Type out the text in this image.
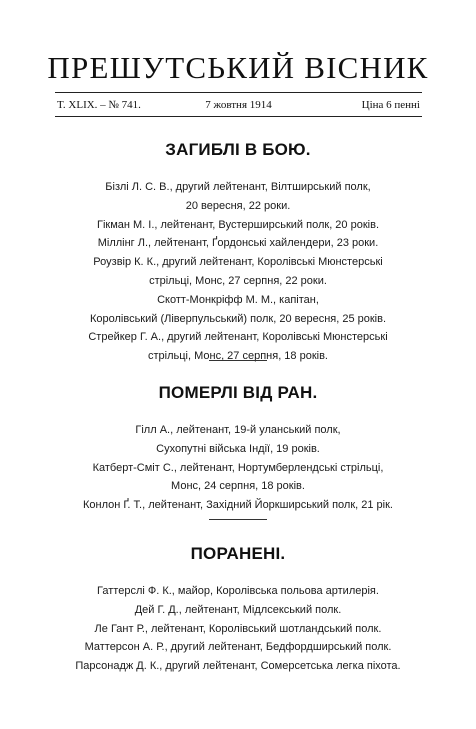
ПРЕШУТСЬКИЙ ВІСНИК
T. XLIX. – № 741.	7 жовтня 1914	Ціна 6 пенні
ЗАГИБЛІ В БОЮ.
Бізлі Л. С. В., другий лейтенант, Вілтширський полк,
20 вересня, 22 роки.
Гікман М. І., лейтенант, Вустерширський полк, 20 років.
Міллінг Л., лейтенант, Ґордонські хайлендери, 23 роки.
Роузвір К. К., другий лейтенант, Королівські Мюнстерські
стрільці, Монс, 27 серпня, 22 роки.
Скотт-Монкріфф М. М., капітан,
Королівський (Ліверпульський) полк, 20 вересня, 25 років.
Стрейкер Г. А., другий лейтенант, Королівські Мюнстерські
стрільці, Монс, 27 серпня, 18 років.
ПОМЕРЛІ ВІД РАН.
Гілл А., лейтенант, 19-й уланський полк,
Сухопутні війська Індії, 19 років.
Катберт-Сміт С., лейтенант, Нортумберлендські стрільці,
Монс, 24 серпня, 18 років.
Конлон Ґ. Т., лейтенант, Західний Йоркширський полк, 21 рік.
ПОРАНЕНІ.
Гаттерслі Ф. К., майор, Королівська польова артилерія.
Дей Г. Д., лейтенант, Мідлсекський полк.
Ле Гант Р., лейтенант, Королівський шотландський полк.
Маттерсон А. Р., другий лейтенант, Бедфордширський полк.
Парсонадж Д. К., другий лейтенант, Сомерсетська легка піхота.
